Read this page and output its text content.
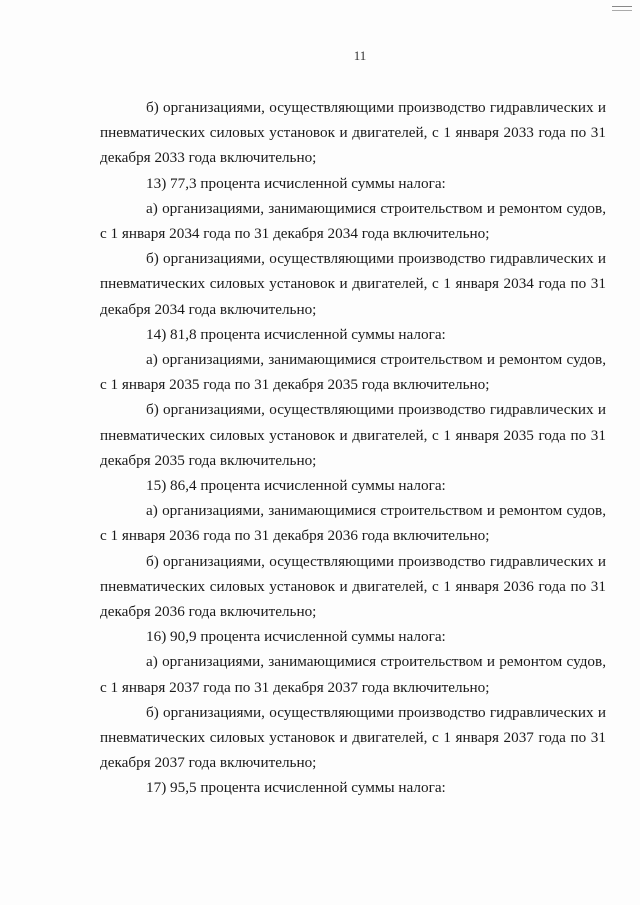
11

б) организациями, осуществляющими производство гидравлических и пневматических силовых установок и двигателей, с 1 января 2033 года по 31 декабря 2033 года включительно;

13) 77,3 процента исчисленной суммы налога:

а) организациями, занимающимися строительством и ремонтом судов, с 1 января 2034 года по 31 декабря 2034 года включительно;

б) организациями, осуществляющими производство гидравлических и пневматических силовых установок и двигателей, с 1 января 2034 года по 31 декабря 2034 года включительно;

14) 81,8 процента исчисленной суммы налога:

а) организациями, занимающимися строительством и ремонтом судов, с 1 января 2035 года по 31 декабря 2035 года включительно;

б) организациями, осуществляющими производство гидравлических и пневматических силовых установок и двигателей, с 1 января 2035 года по 31 декабря 2035 года включительно;

15) 86,4 процента исчисленной суммы налога:

а) организациями, занимающимися строительством и ремонтом судов, с 1 января 2036 года по 31 декабря 2036 года включительно;

б) организациями, осуществляющими производство гидравлических и пневматических силовых установок и двигателей, с 1 января 2036 года по 31 декабря 2036 года включительно;

16) 90,9 процента исчисленной суммы налога:

а) организациями, занимающимися строительством и ремонтом судов, с 1 января 2037 года по 31 декабря 2037 года включительно;

б) организациями, осуществляющими производство гидравлических и пневматических силовых установок и двигателей, с 1 января 2037 года по 31 декабря 2037 года включительно;

17) 95,5 процента исчисленной суммы налога:
